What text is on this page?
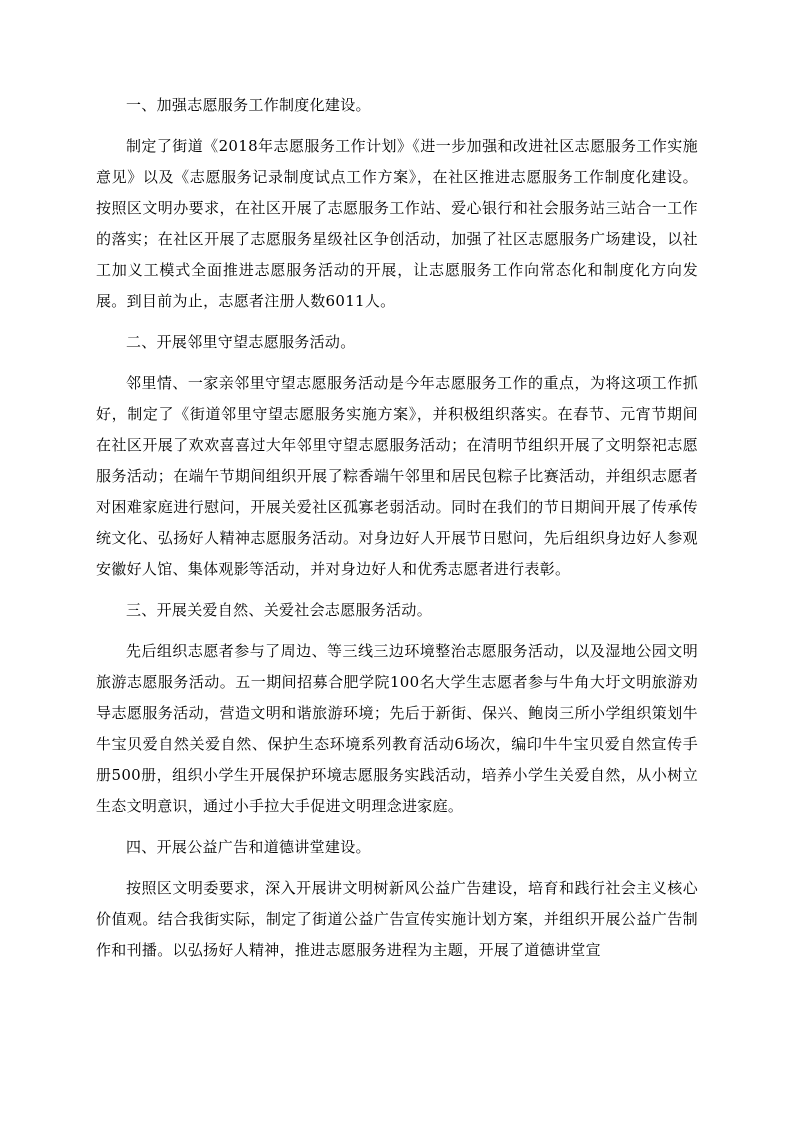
一、加强志愿服务工作制度化建设。

制定了街道《2018年志愿服务工作计划》《进一步加强和改进社区志愿服务工作实施意见》以及《志愿服务记录制度试点工作方案》，在社区推进志愿服务工作制度化建设。按照区文明办要求，在社区开展了志愿服务工作站、爱心银行和社会服务站三站合一工作的落实；在社区开展了志愿服务星级社区争创活动，加强了社区志愿服务广场建设，以社工加义工模式全面推进志愿服务活动的开展，让志愿服务工作向常态化和制度化方向发展。到目前为止，志愿者注册人数6011人。

二、开展邻里守望志愿服务活动。

邻里情、一家亲邻里守望志愿服务活动是今年志愿服务工作的重点，为将这项工作抓好，制定了《街道邻里守望志愿服务实施方案》，并积极组织落实。在春节、元宵节期间在社区开展了欢欢喜喜过大年邻里守望志愿服务活动；在清明节组织开展了文明祭祀志愿服务活动；在端午节期间组织开展了粽香端午邻里和居民包粽子比赛活动，并组织志愿者对困难家庭进行慰问，开展关爱社区孤寡老弱活动。同时在我们的节日期间开展了传承传统文化、弘扬好人精神志愿服务活动。对身边好人开展节日慰问，先后组织身边好人参观安徽好人馆、集体观影等活动，并对身边好人和优秀志愿者进行表彰。

三、开展关爱自然、关爱社会志愿服务活动。

先后组织志愿者参与了周边、等三线三边环境整治志愿服务活动，以及湿地公园文明旅游志愿服务活动。五一期间招募合肥学院100名大学生志愿者参与牛角大圩文明旅游劝导志愿服务活动，营造文明和谐旅游环境；先后于新街、保兴、鲍岗三所小学组织策划牛牛宝贝爱自然关爱自然、保护生态环境系列教育活动6场次，编印牛牛宝贝爱自然宣传手册500册，组织小学生开展保护环境志愿服务实践活动，培养小学生关爱自然，从小树立生态文明意识，通过小手拉大手促进文明理念进家庭。

四、开展公益广告和道德讲堂建设。

按照区文明委要求，深入开展讲文明树新风公益广告建设，培育和践行社会主义核心价值观。结合我街实际，制定了街道公益广告宣传实施计划方案，并组织开展公益广告制作和刊播。以弘扬好人精神，推进志愿服务进程为主题，开展了道德讲堂宣
